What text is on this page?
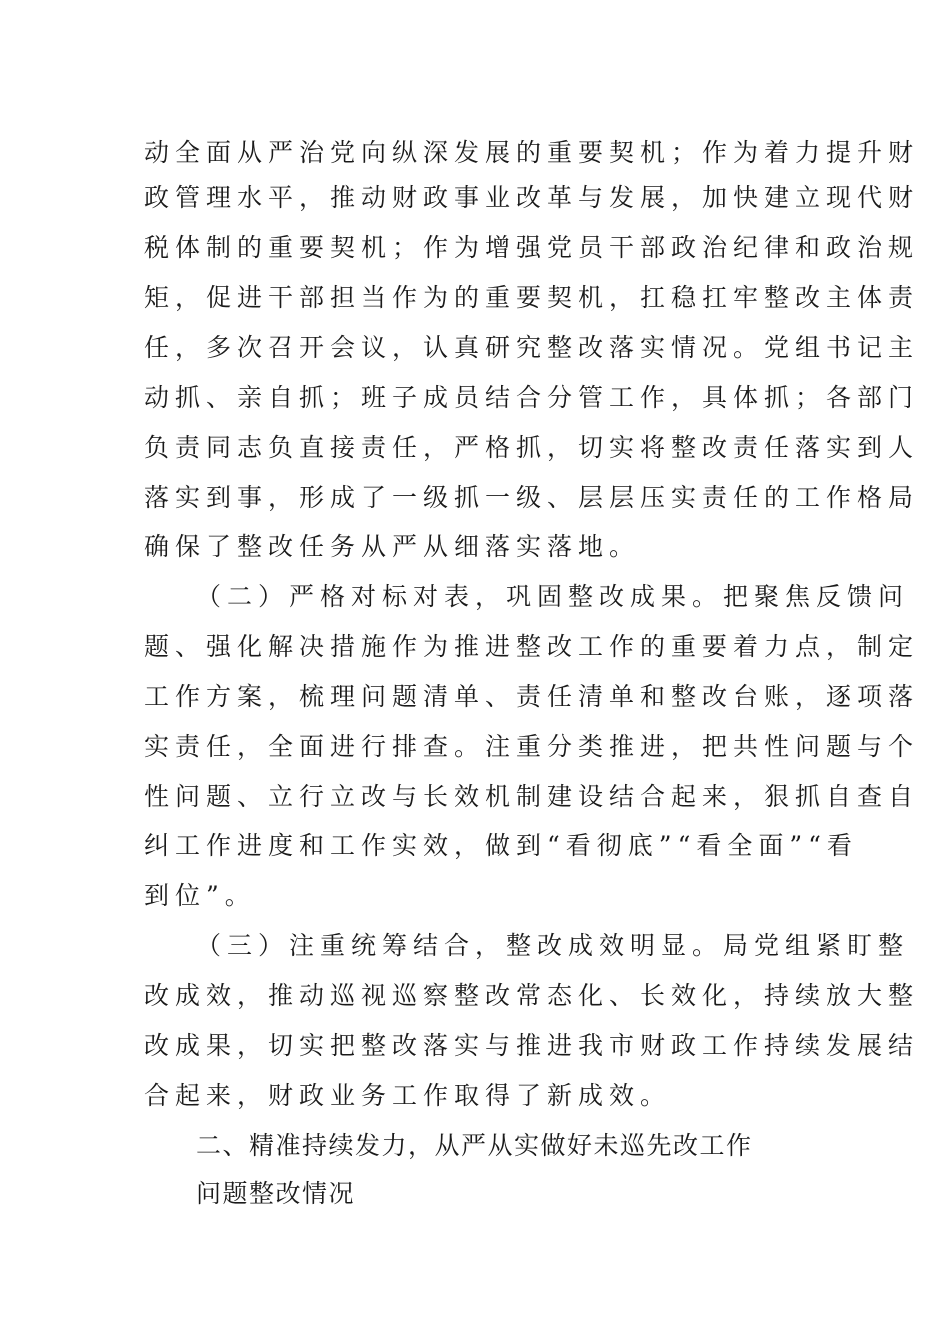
动全面从严治党向纵深发展的重要契机；作为着力提升财
政管理水平，推动财政事业改革与发展，加快建立现代财
税体制的重要契机；作为增强党员干部政治纪律和政治规
矩，促进干部担当作为的重要契机，扛稳扛牢整改主体责
任，多次召开会议，认真研究整改落实情况。党组书记主
动抓、亲自抓；班子成员结合分管工作，具体抓；各部门
负责同志负直接责任，严格抓，切实将整改责任落实到人
落实到事，形成了一级抓一级、层层压实责任的工作格局
确保了整改任务从严从细落实落地。
（二）严格对标对表，巩固整改成果。把聚焦反馈问
题、强化解决措施作为推进整改工作的重要着力点，制定
工作方案，梳理问题清单、责任清单和整改台账，逐项落
实责任，全面进行排查。注重分类推进，把共性问题与个
性问题、立行立改与长效机制建设结合起来，狠抓自查自
纠工作进度和工作实效，做到“看彻底”“看全面”“看
到位”。
（三）注重统筹结合，整改成效明显。局党组紧盯整
改成效，推动巡视巡察整改常态化、长效化，持续放大整
改成果，切实把整改落实与推进我市财政工作持续发展结
合起来，财政业务工作取得了新成效。
二、精准持续发力，从严从实做好未巡先改工作
问题整改情况
